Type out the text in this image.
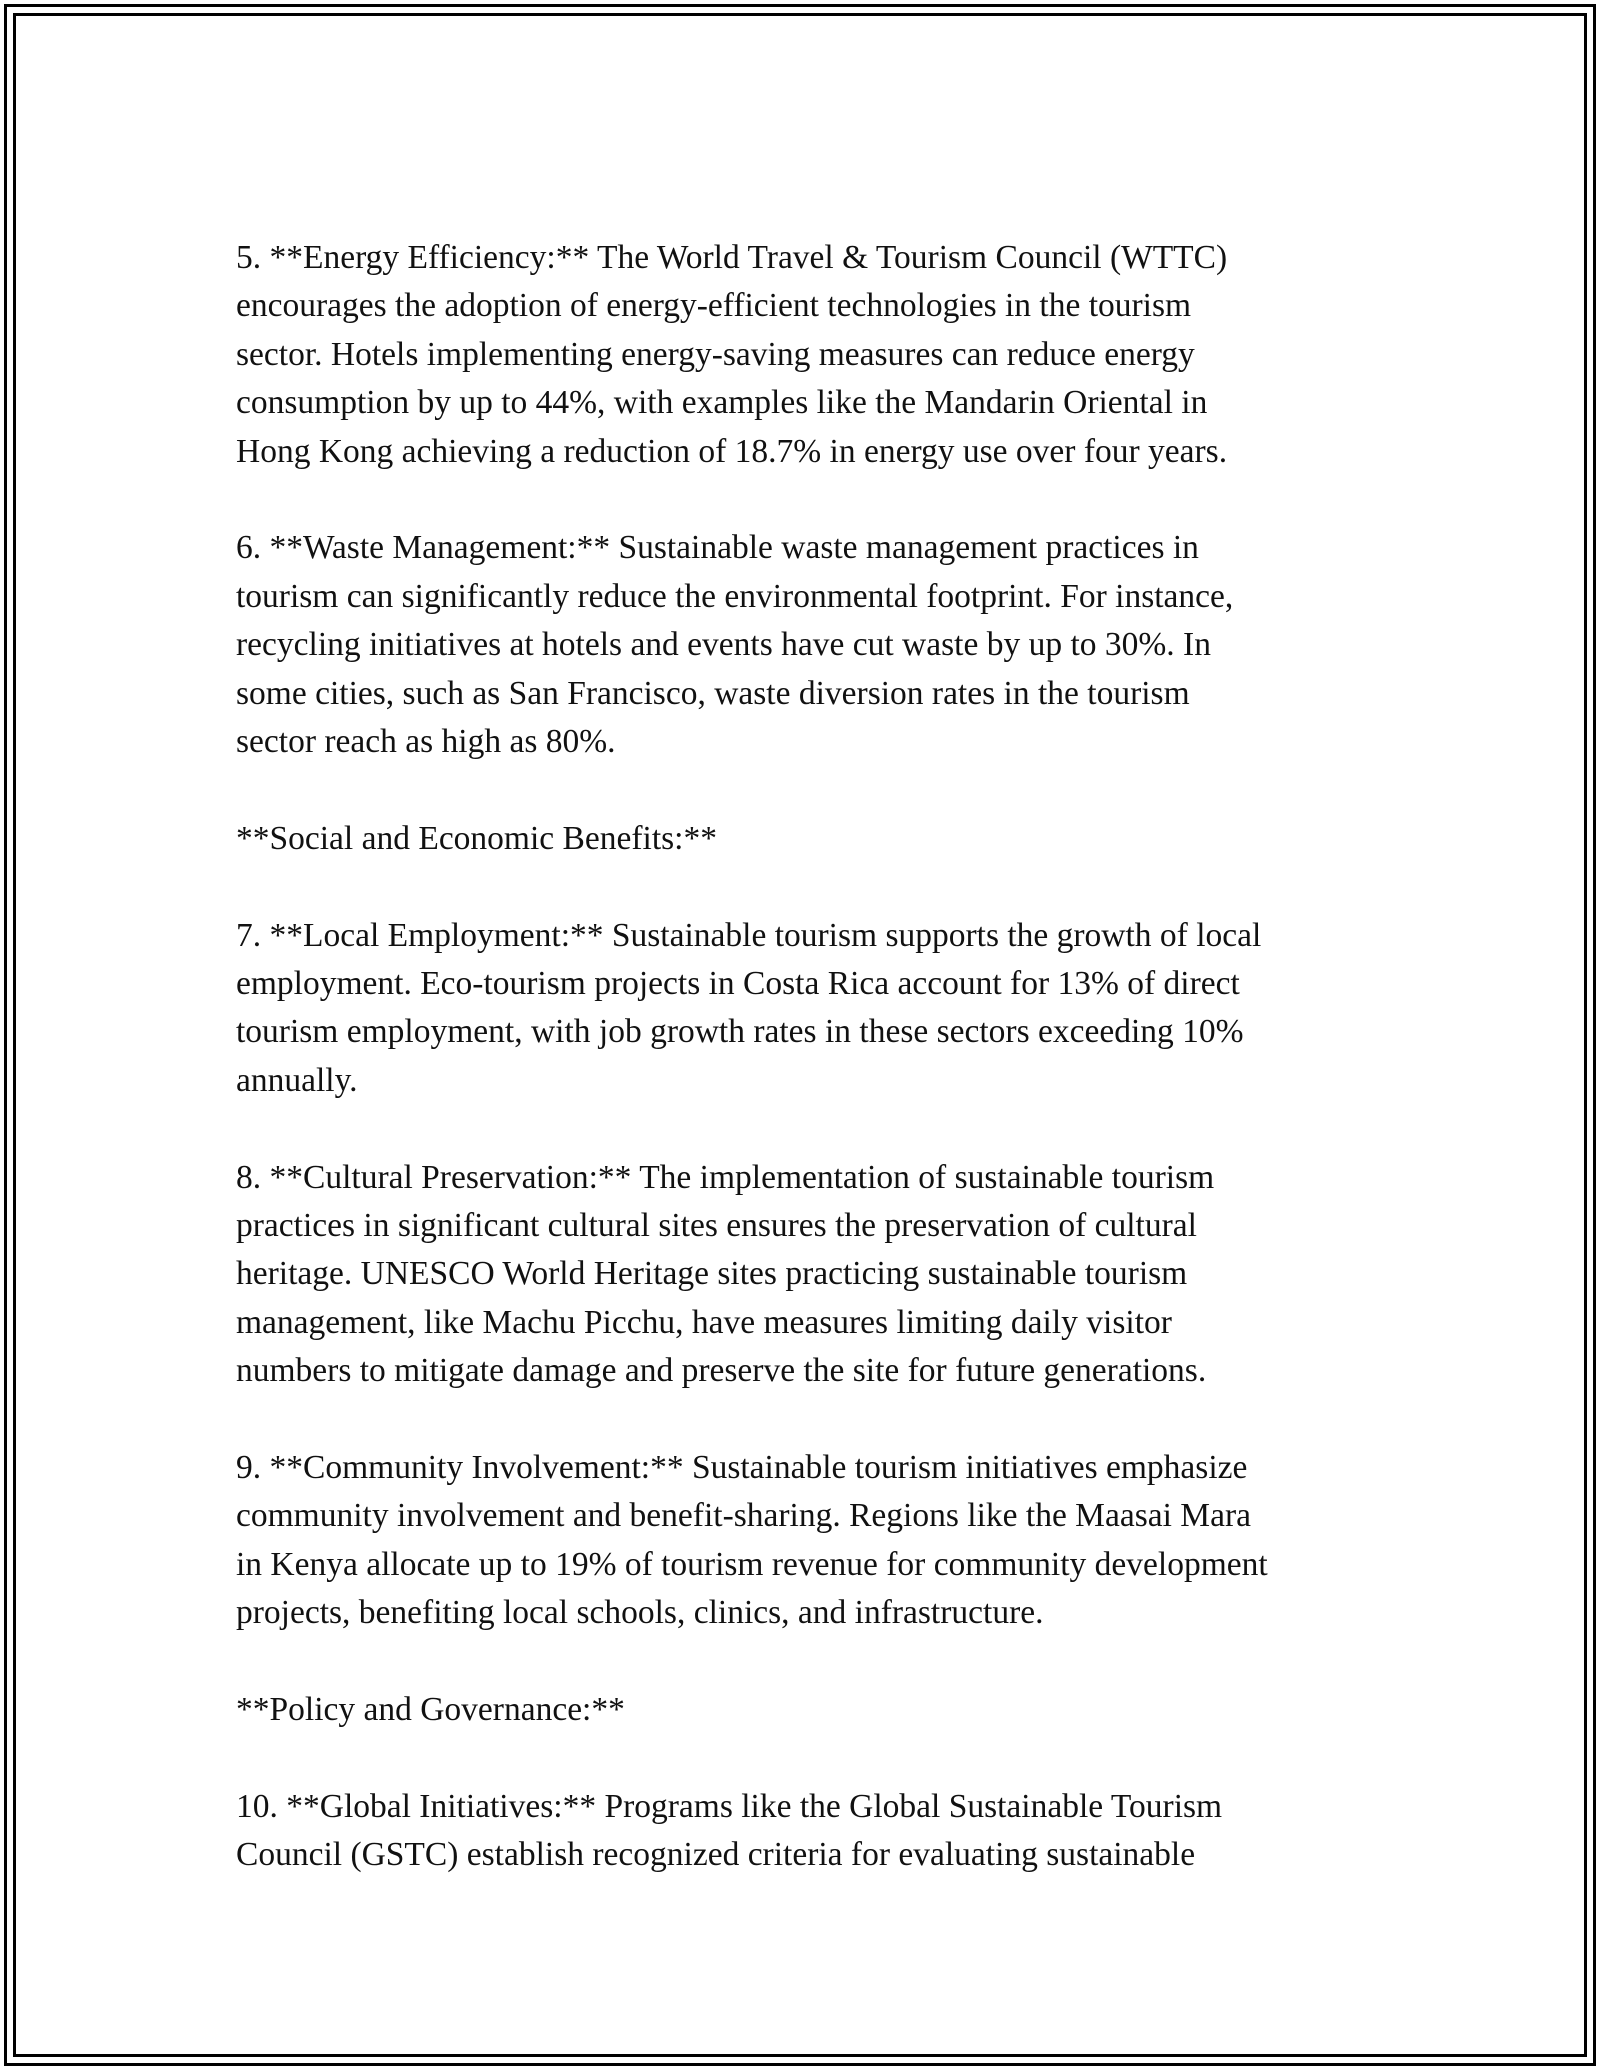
5. **Energy Efficiency:** The World Travel & Tourism Council (WTTC)
encourages the adoption of energy-efficient technologies in the tourism
sector. Hotels implementing energy-saving measures can reduce energy
consumption by up to 44%, with examples like the Mandarin Oriental in
Hong Kong achieving a reduction of 18.7% in energy use over four years.

6. **Waste Management:** Sustainable waste management practices in
tourism can significantly reduce the environmental footprint. For instance,
recycling initiatives at hotels and events have cut waste by up to 30%. In
some cities, such as San Francisco, waste diversion rates in the tourism
sector reach as high as 80%.

**Social and Economic Benefits:**

7. **Local Employment:** Sustainable tourism supports the growth of local
employment. Eco-tourism projects in Costa Rica account for 13% of direct
tourism employment, with job growth rates in these sectors exceeding 10%
annually.

8. **Cultural Preservation:** The implementation of sustainable tourism
practices in significant cultural sites ensures the preservation of cultural
heritage. UNESCO World Heritage sites practicing sustainable tourism
management, like Machu Picchu, have measures limiting daily visitor
numbers to mitigate damage and preserve the site for future generations.

9. **Community Involvement:** Sustainable tourism initiatives emphasize
community involvement and benefit-sharing. Regions like the Maasai Mara
in Kenya allocate up to 19% of tourism revenue for community development
projects, benefiting local schools, clinics, and infrastructure.

**Policy and Governance:**

10. **Global Initiatives:** Programs like the Global Sustainable Tourism
Council (GSTC) establish recognized criteria for evaluating sustainable
